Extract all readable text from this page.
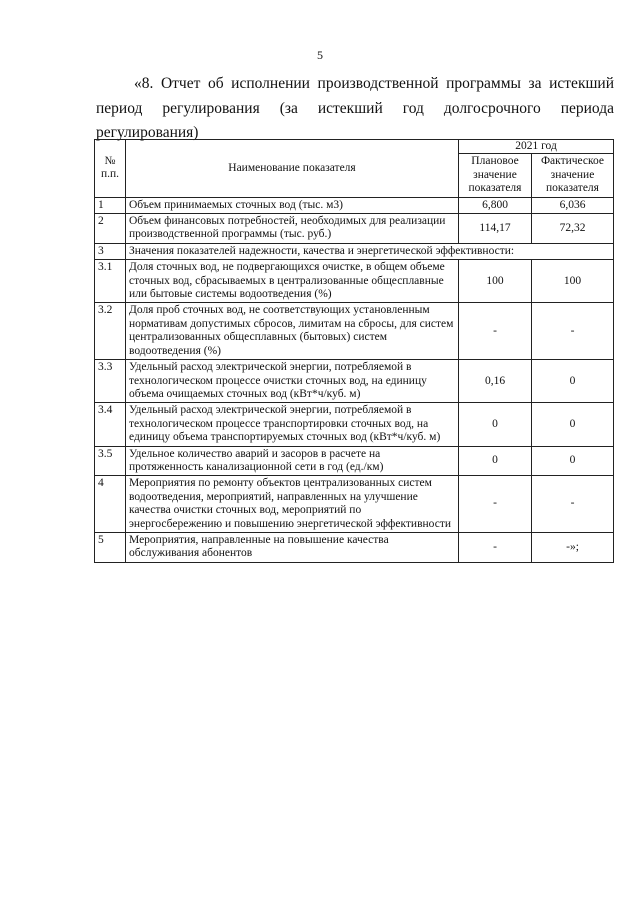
5
«8. Отчет об исполнении производственной программы за истекший
период регулирования (за истекший год долгосрочного периода
регулирования)
№ п.п.	Наименование показателя	2021 год	
		Плановое значение показателя	Фактическое значение показателя
1	Объем принимаемых сточных вод (тыс. м3)	6,800	6,036
2	Объем финансовых потребностей, необходимых для реализации производственной программы (тыс. руб.)	114,17	72,32
3	Значения показателей надежности, качества и энергетической эффективности:		
3.1	Доля сточных вод, не подвергающихся очистке, в общем объеме сточных вод, сбрасываемых в централизованные общесплавные или бытовые системы водоотведения (%)	100	100
3.2	Доля проб сточных вод, не соответствующих установленным нормативам допустимых сбросов, лимитам на сбросы, для систем централизованных общесплавных (бытовых) систем водоотведения (%)	-	-
3.3	Удельный расход электрической энергии, потребляемой в технологическом процессе очистки сточных вод, на единицу объема очищаемых сточных вод (кВт*ч/куб. м)	0,16	0
3.4	Удельный расход электрической энергии, потребляемой в технологическом процессе транспортировки сточных вод, на единицу объема транспортируемых сточных вод (кВт*ч/куб. м)	0	0
3.5	Удельное количество аварий и засоров в расчете на протяженность канализационной сети в год (ед./км)	0	0
4	Мероприятия по ремонту объектов централизованных систем водоотведения, мероприятий, направленных на улучшение качества очистки сточных вод, мероприятий по энергосбережению и повышению энергетической эффективности	-	-
5	Мероприятия, направленные на повышение качества обслуживания абонентов	-	-»;
